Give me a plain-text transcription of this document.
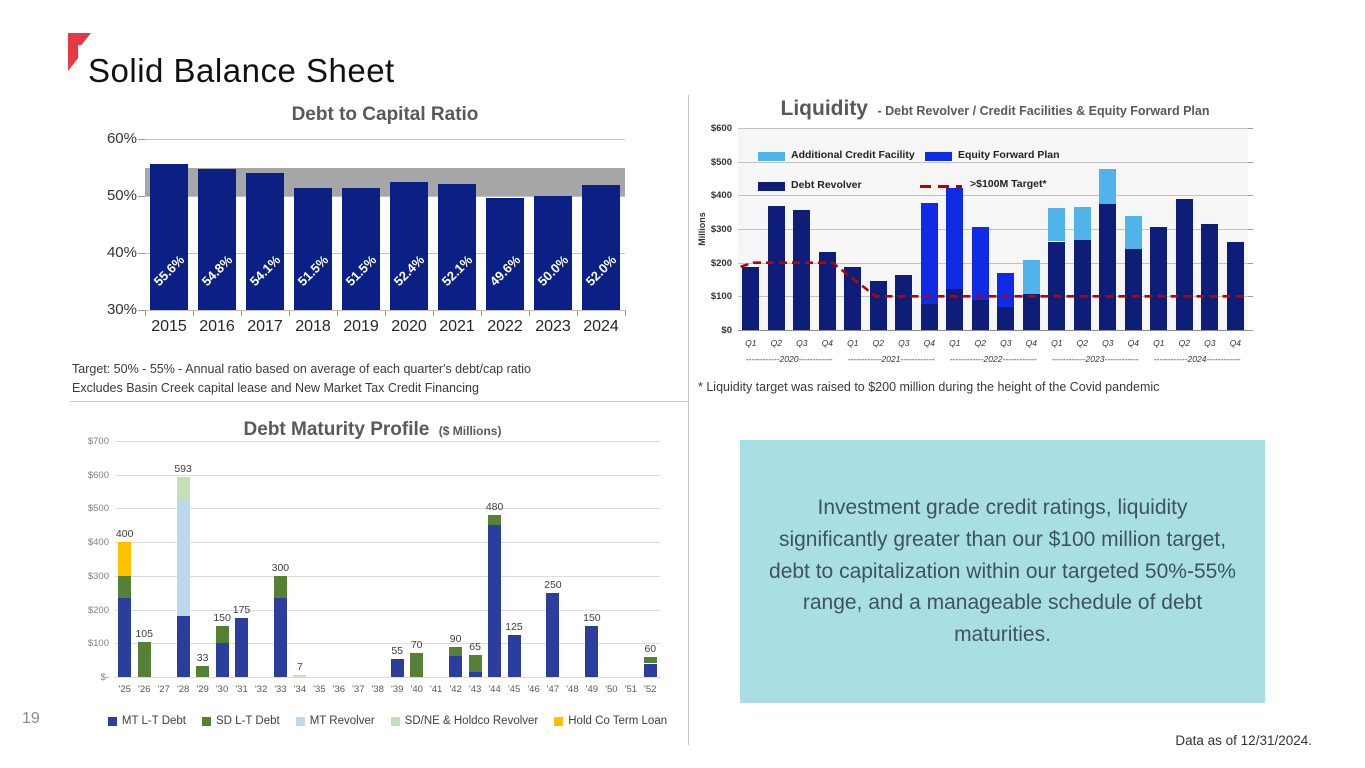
Solid Balance Sheet
Debt to Capital Ratio	Liquidity - Debt Revolver / Credit Facilities & Equity Forward Plan
Debt Maturity Profile ($ Millions)
60%
50%
40%
30%
55.6%
2015
54.8%
2016
54.1%
2017
51.5%
2018
51.5%
2019
52.4%
2020
52.1%
2021
49.6%
2022
50.0%
2023
52.0%
2024
$600
$500
$400
$300
$200
$100
$0
Millions
Additional Credit Facility	Equity Forward Plan
Debt Revolver	>$100M Target*
Q1	Q2	Q3	Q4	Q1	Q2	Q3	Q4	Q1	Q2	Q3	Q4	Q1	Q2	Q3	Q4	Q1	Q2	Q3	Q4
------------2020------------	------------2021------------	------------2022------------	------------2023------------	------------2024------------
$700
$600
$500
$400
$300
$200
$100
$-
400
'25
105
'26 '27
593
'28
33
'29
150
'30
175
'31 '32
300
'33
7
'34 '35 '36 '37 '38
55
'39
70
'40 '41
90
'42
65
'43
480
'44
125
'45 '46
250
'47 '48
150
'49 '50 '51
60
'52
MT L-T Debt	SD L-T Debt	MT Revolver	SD/NE & Holdco Revolver	Hold Co Term Loan
Target: 50% - 55% - Annual ratio based on average of each quarter's debt/cap ratio
Excludes Basin Creek capital lease and New Market Tax Credit Financing	* Liquidity target was raised to $200 million during the height of the Covid pandemic
Investment grade credit ratings, liquidity significantly greater than our $100 million target, debt to capitalization within our targeted 50%-55% range, and a manageable schedule of debt maturities.
19
Data as of 12/31/2024.
